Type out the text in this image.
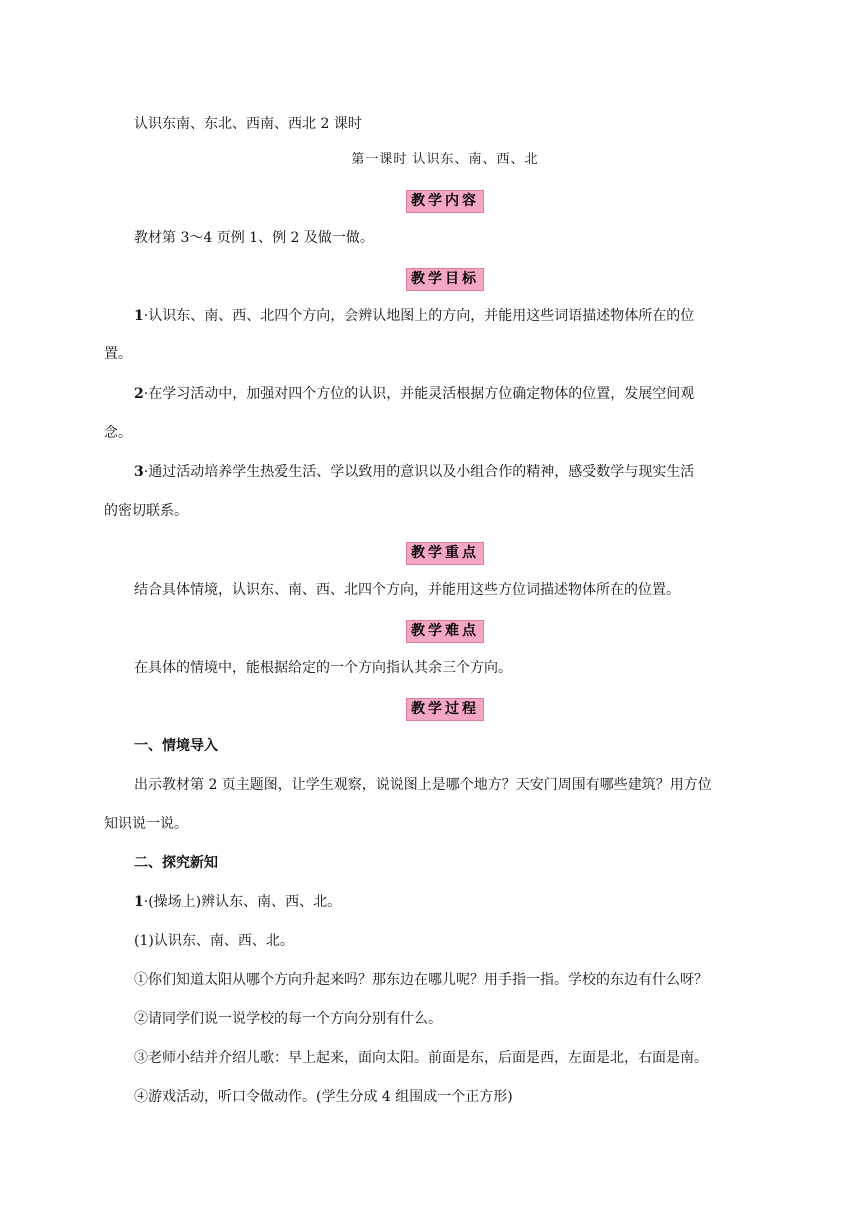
认识东南、东北、西南、西北 2 课时
第一课时 认识东、南、西、北
教学内容
教材第 3～4 页例 1、例 2 及做一做。
教学目标
1·认识东、南、西、北四个方向，会辨认地图上的方向，并能用这些词语描述物体所在的位
置。
2·在学习活动中，加强对四个方位的认识，并能灵活根据方位确定物体的位置，发展空间观
念。
3·通过活动培养学生热爱生活、学以致用的意识以及小组合作的精神，感受数学与现实生活
的密切联系。
教学重点
结合具体情境，认识东、南、西、北四个方向，并能用这些方位词描述物体所在的位置。
教学难点
在具体的情境中，能根据给定的一个方向指认其余三个方向。
教学过程
一、情境导入
出示教材第 2 页主题图，让学生观察，说说图上是哪个地方？天安门周围有哪些建筑？用方位
知识说一说。
二、探究新知
1·(操场上)辨认东、南、西、北。
(1)认识东、南、西、北。
①你们知道太阳从哪个方向升起来吗？那东边在哪儿呢？用手指一指。学校的东边有什么呀？
②请同学们说一说学校的每一个方向分别有什么。
③老师小结并介绍儿歌：早上起来，面向太阳。前面是东，后面是西，左面是北，右面是南。
④游戏活动，听口令做动作。(学生分成 4 组围成一个正方形)
